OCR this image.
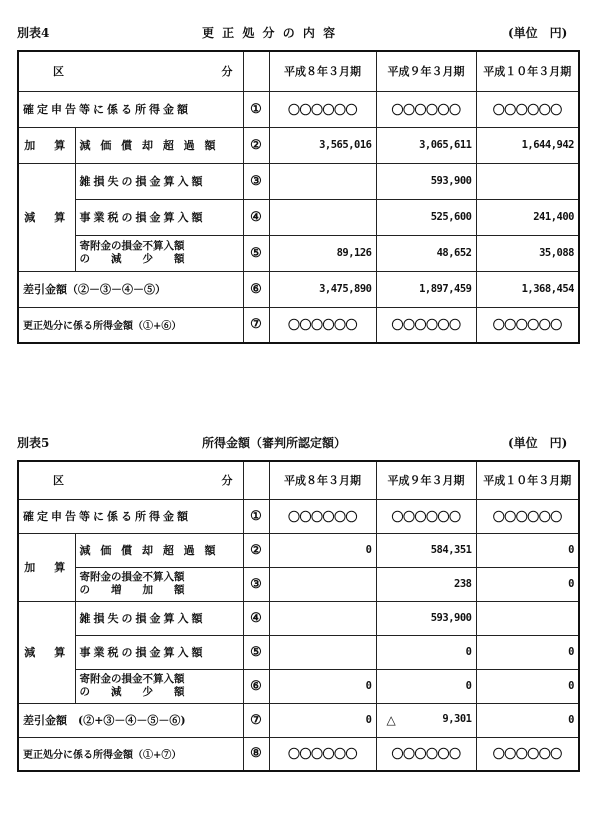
別表4	更 正 処 分 の 内 容	(単位　円)
区 分			平成８年３月期	平成９年３月期	平成１０年３月期
確定申告等に係る所得金額		①	〇〇〇〇〇〇	〇〇〇〇〇〇	〇〇〇〇〇〇
加　算	減 価 償 却 超 過 額	②	3,565,016	3,065,611	1,644,942
減　算	雑損失の損金算入額	③		593,900	
	事業税の損金算入額	④		525,600	241,400

	寄附金の損金不算入額
の　　減　　少　　額	⑤	89,126	48,652	35,088
差引金額（②－③－④－⑤）		⑥	3,475,890	1,897,459	1,368,454
更正処分に係る所得金額（①+⑥）		⑦	〇〇〇〇〇〇	〇〇〇〇〇〇	〇〇〇〇〇〇
別表5	所得金額（審判所認定額）	(単位　円)
区 分			平成８年３月期	平成９年３月期	平成１０年３月期
確定申告等に係る所得金額		①	〇〇〇〇〇〇	〇〇〇〇〇〇	〇〇〇〇〇〇
加　算	減 価 償 却 超 過 額	②	0	584,351	0

	寄附金の損金不算入額
の　　増　　加　　額	③		238	0
減　算	雑損失の損金算入額	④		593,900	
	事業税の損金算入額	⑤		0	0

	寄附金の損金不算入額
の　　減　　少　　額	⑥	0	0	0
差引金額　(②+③－④－⑤－⑥)		⑦	0	△ 9,301	0
更正処分に係る所得金額（①+⑦）		⑧	〇〇〇〇〇〇	〇〇〇〇〇〇	〇〇〇〇〇〇
